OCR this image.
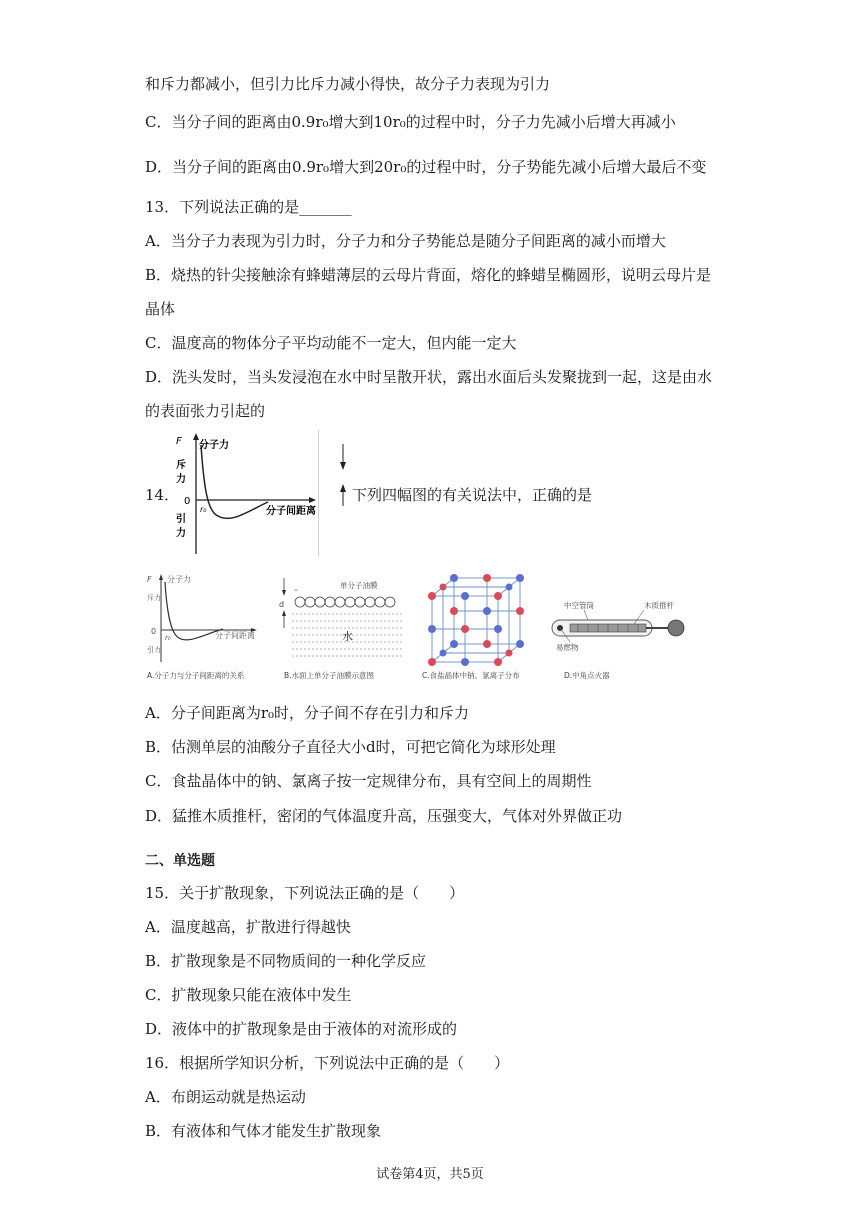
和斥力都减小，但引力比斥力减小得快，故分子力表现为引力
C．当分子间的距离由0.9r₀增大到10r₀的过程中时，分子力先减小后增大再减小
D．当分子间的距离由0.9r₀增大到20r₀的过程中时，分子势能先减小后增大最后不变
13．下列说法正确的是_______
A．当分子力表现为引力时，分子力和分子势能总是随分子间距离的减小而增大
B．烧热的针尖接触涂有蜂蜡薄层的云母片背面，熔化的蜂蜡呈椭圆形，说明云母片是
晶体
C．温度高的物体分子平均动能不一定大，但内能一定大
D．洗头发时，当头发浸泡在水中时呈散开状，露出水面后头发聚拢到一起，这是由水
的表面张力引起的
14．	下列四幅图的有关说法中，正确的是
F 分子力
斥
力
0
r₀
引
力
分子间距离
F 分子力
斥力
0
r₀
引力
分子间距离
A.分子力与分子间距离的关系
d
单分子油膜
水
B.水面上单分子油膜示意图	C.食盐晶体中钠、氯离子分布
中空管筒	木质推杆
易燃物
D.中角点火器
A．分子间距离为r₀时，分子间不存在引力和斥力
B．估测单层的油酸分子直径大小d时，可把它简化为球形处理
C．食盐晶体中的钠、氯离子按一定规律分布，具有空间上的周期性
D．猛推木质推杆，密闭的气体温度升高，压强变大，气体对外界做正功
二、单选题
15．关于扩散现象，下列说法正确的是（　　）
A．温度越高，扩散进行得越快
B．扩散现象是不同物质间的一种化学反应
C．扩散现象只能在液体中发生
D．液体中的扩散现象是由于液体的对流形成的
16．根据所学知识分析，下列说法中正确的是（　　）
A．布朗运动就是热运动
B．有液体和气体才能发生扩散现象
试卷第4页，共5页
